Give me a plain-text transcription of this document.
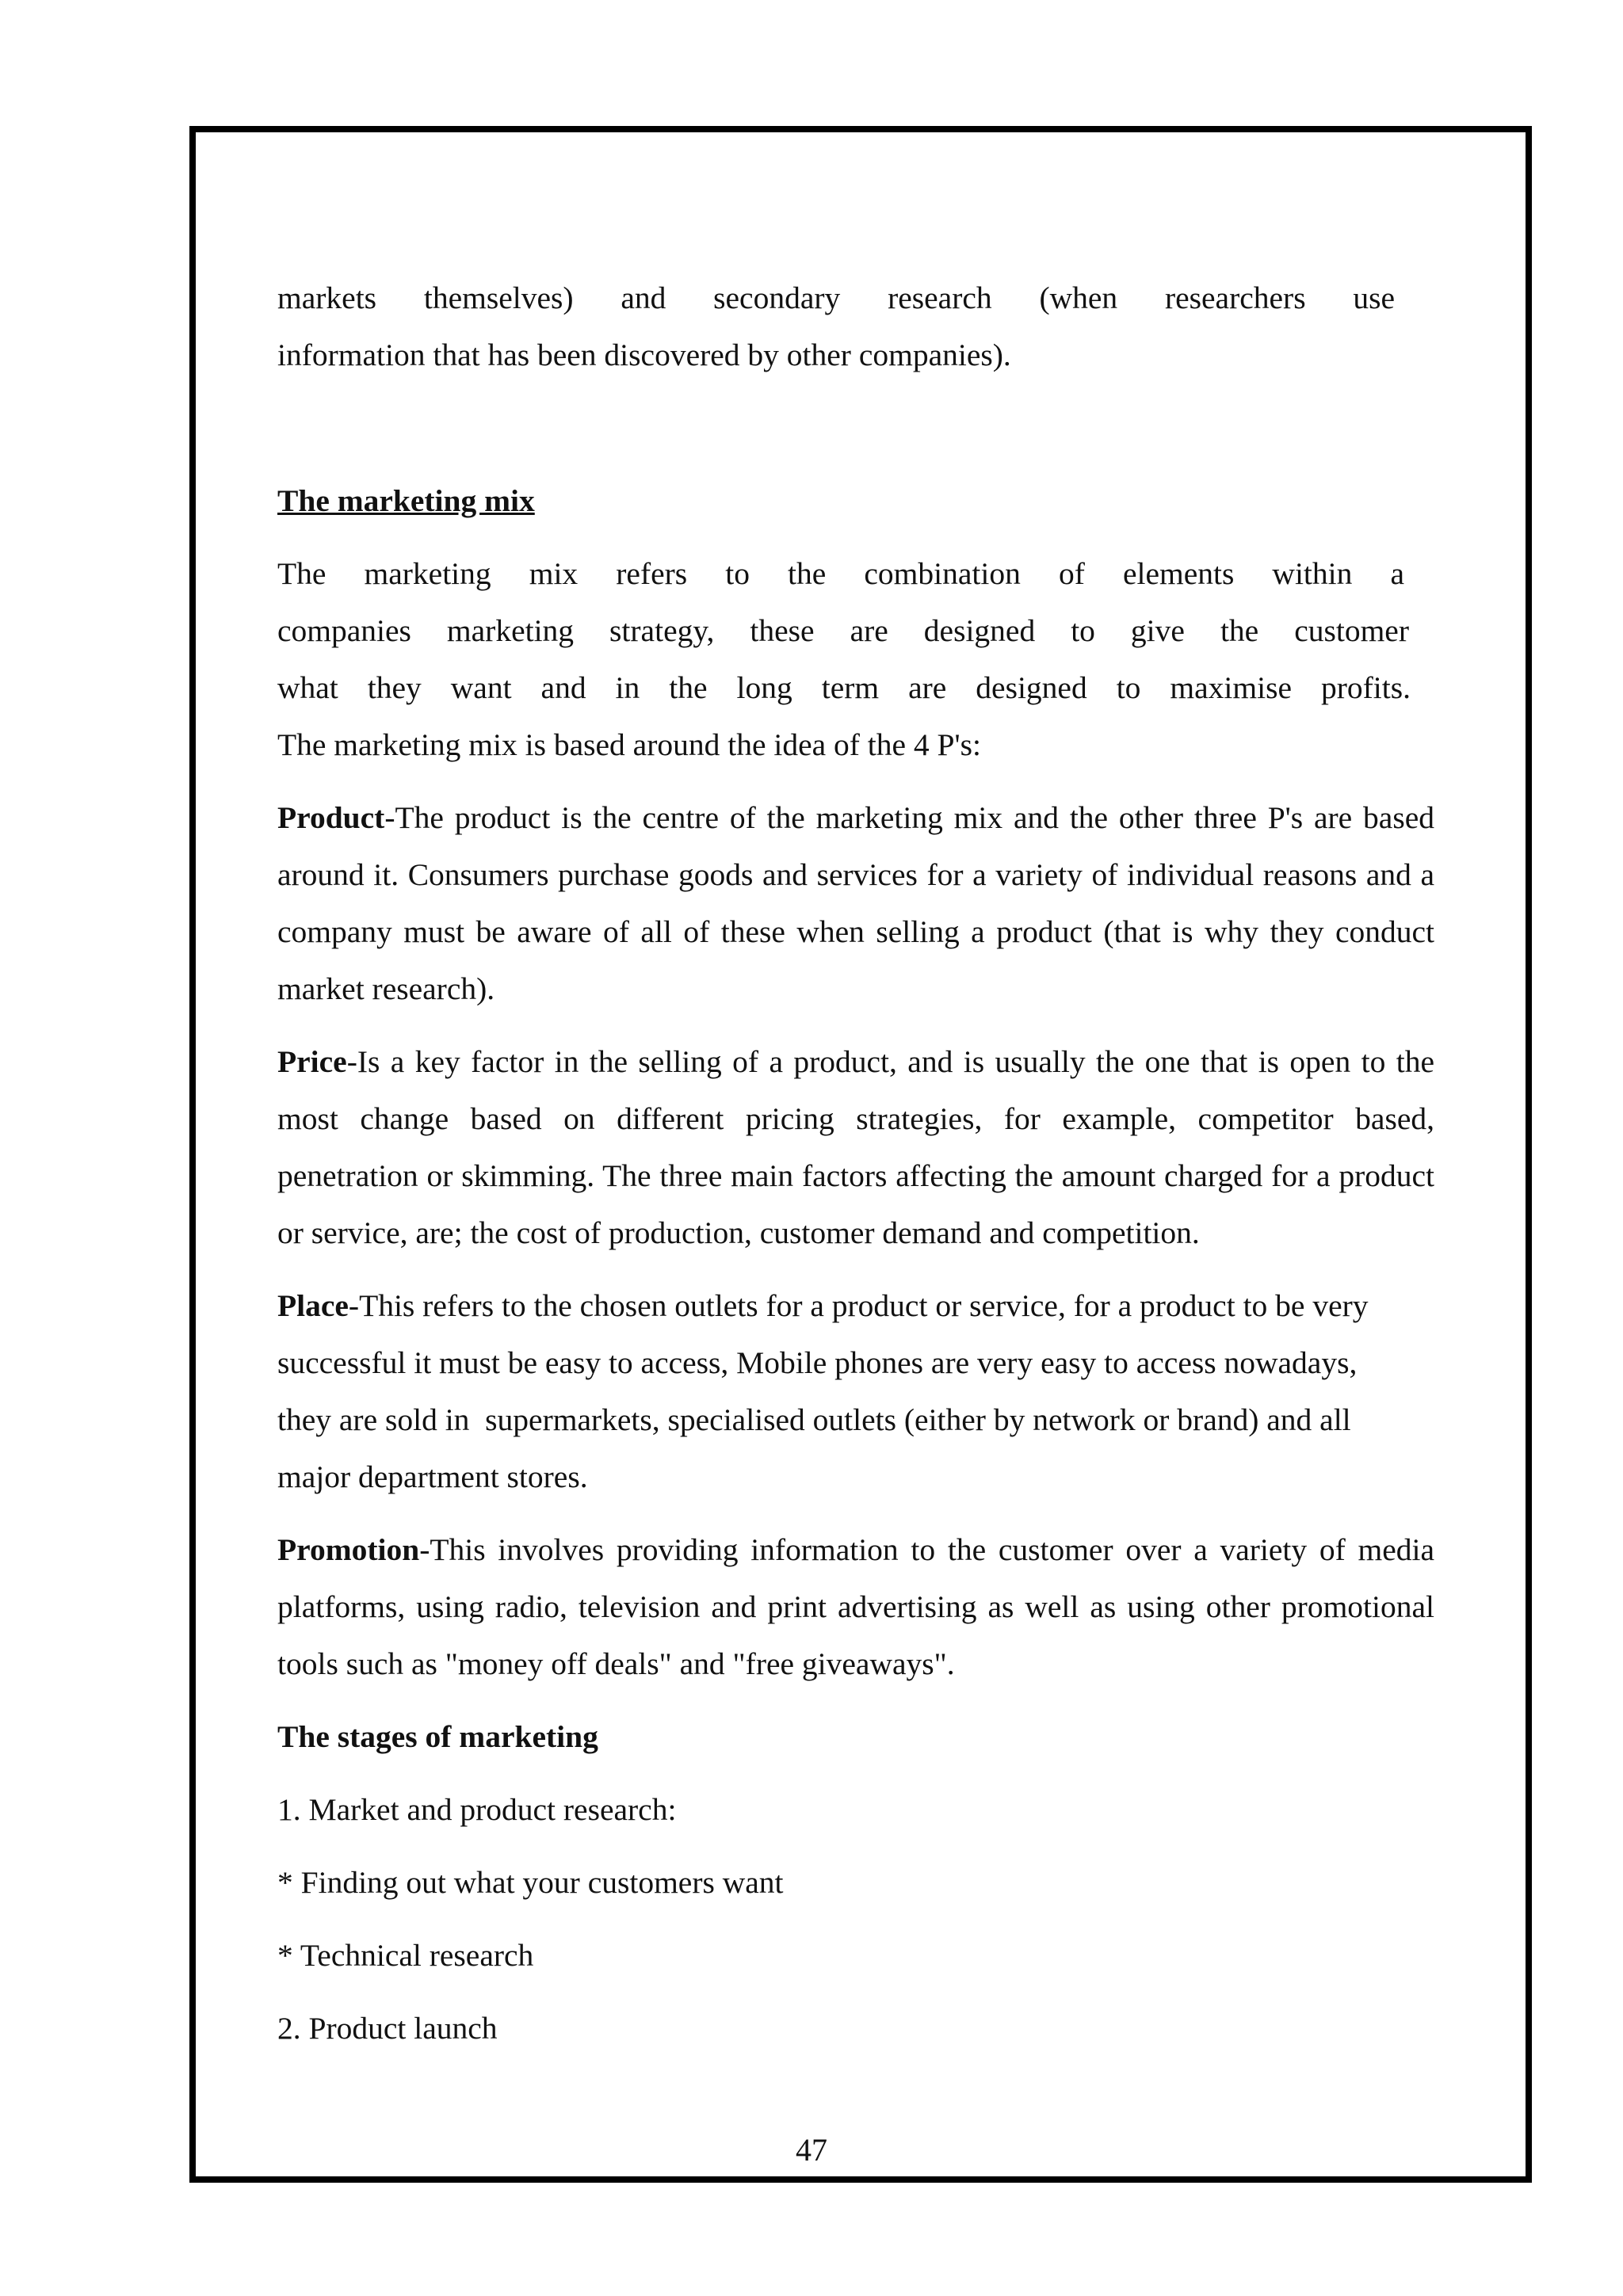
markets themselves) and secondary research (when researchers use

information that has been discovered by other companies).

The marketing mix

The marketing mix refers to the combination of elements within a

companies marketing strategy, these are designed to give the customer

what they want and in the long term are designed to maximise profits.

The marketing mix is based around the idea of the 4 P's:

Product-The product is the centre of the marketing mix and the other three P's are based around it. Consumers purchase goods and services for a variety of individual reasons and a company must be aware of all of these when selling a product (that is why they conduct market research).

Price-Is a key factor in the selling of a product, and is usually the one that is open to the most change based on different pricing strategies, for example, competitor based, penetration or skimming. The three main factors affecting the amount charged for a product or service, are; the cost of production, customer demand and competition.

Place-This refers to the chosen outlets for a product or service, for a product to be very

successful it must be easy to access, Mobile phones are very easy to access nowadays,

they are sold in  supermarkets, specialised outlets (either by network or brand) and all

major department stores.

Promotion-This involves providing information to the customer over a variety of media platforms, using radio, television and print advertising as well as using other promotional tools such as "money off deals" and "free giveaways".

The stages of marketing

1. Market and product research:

* Finding out what your customers want

* Technical research

2. Product launch

47
